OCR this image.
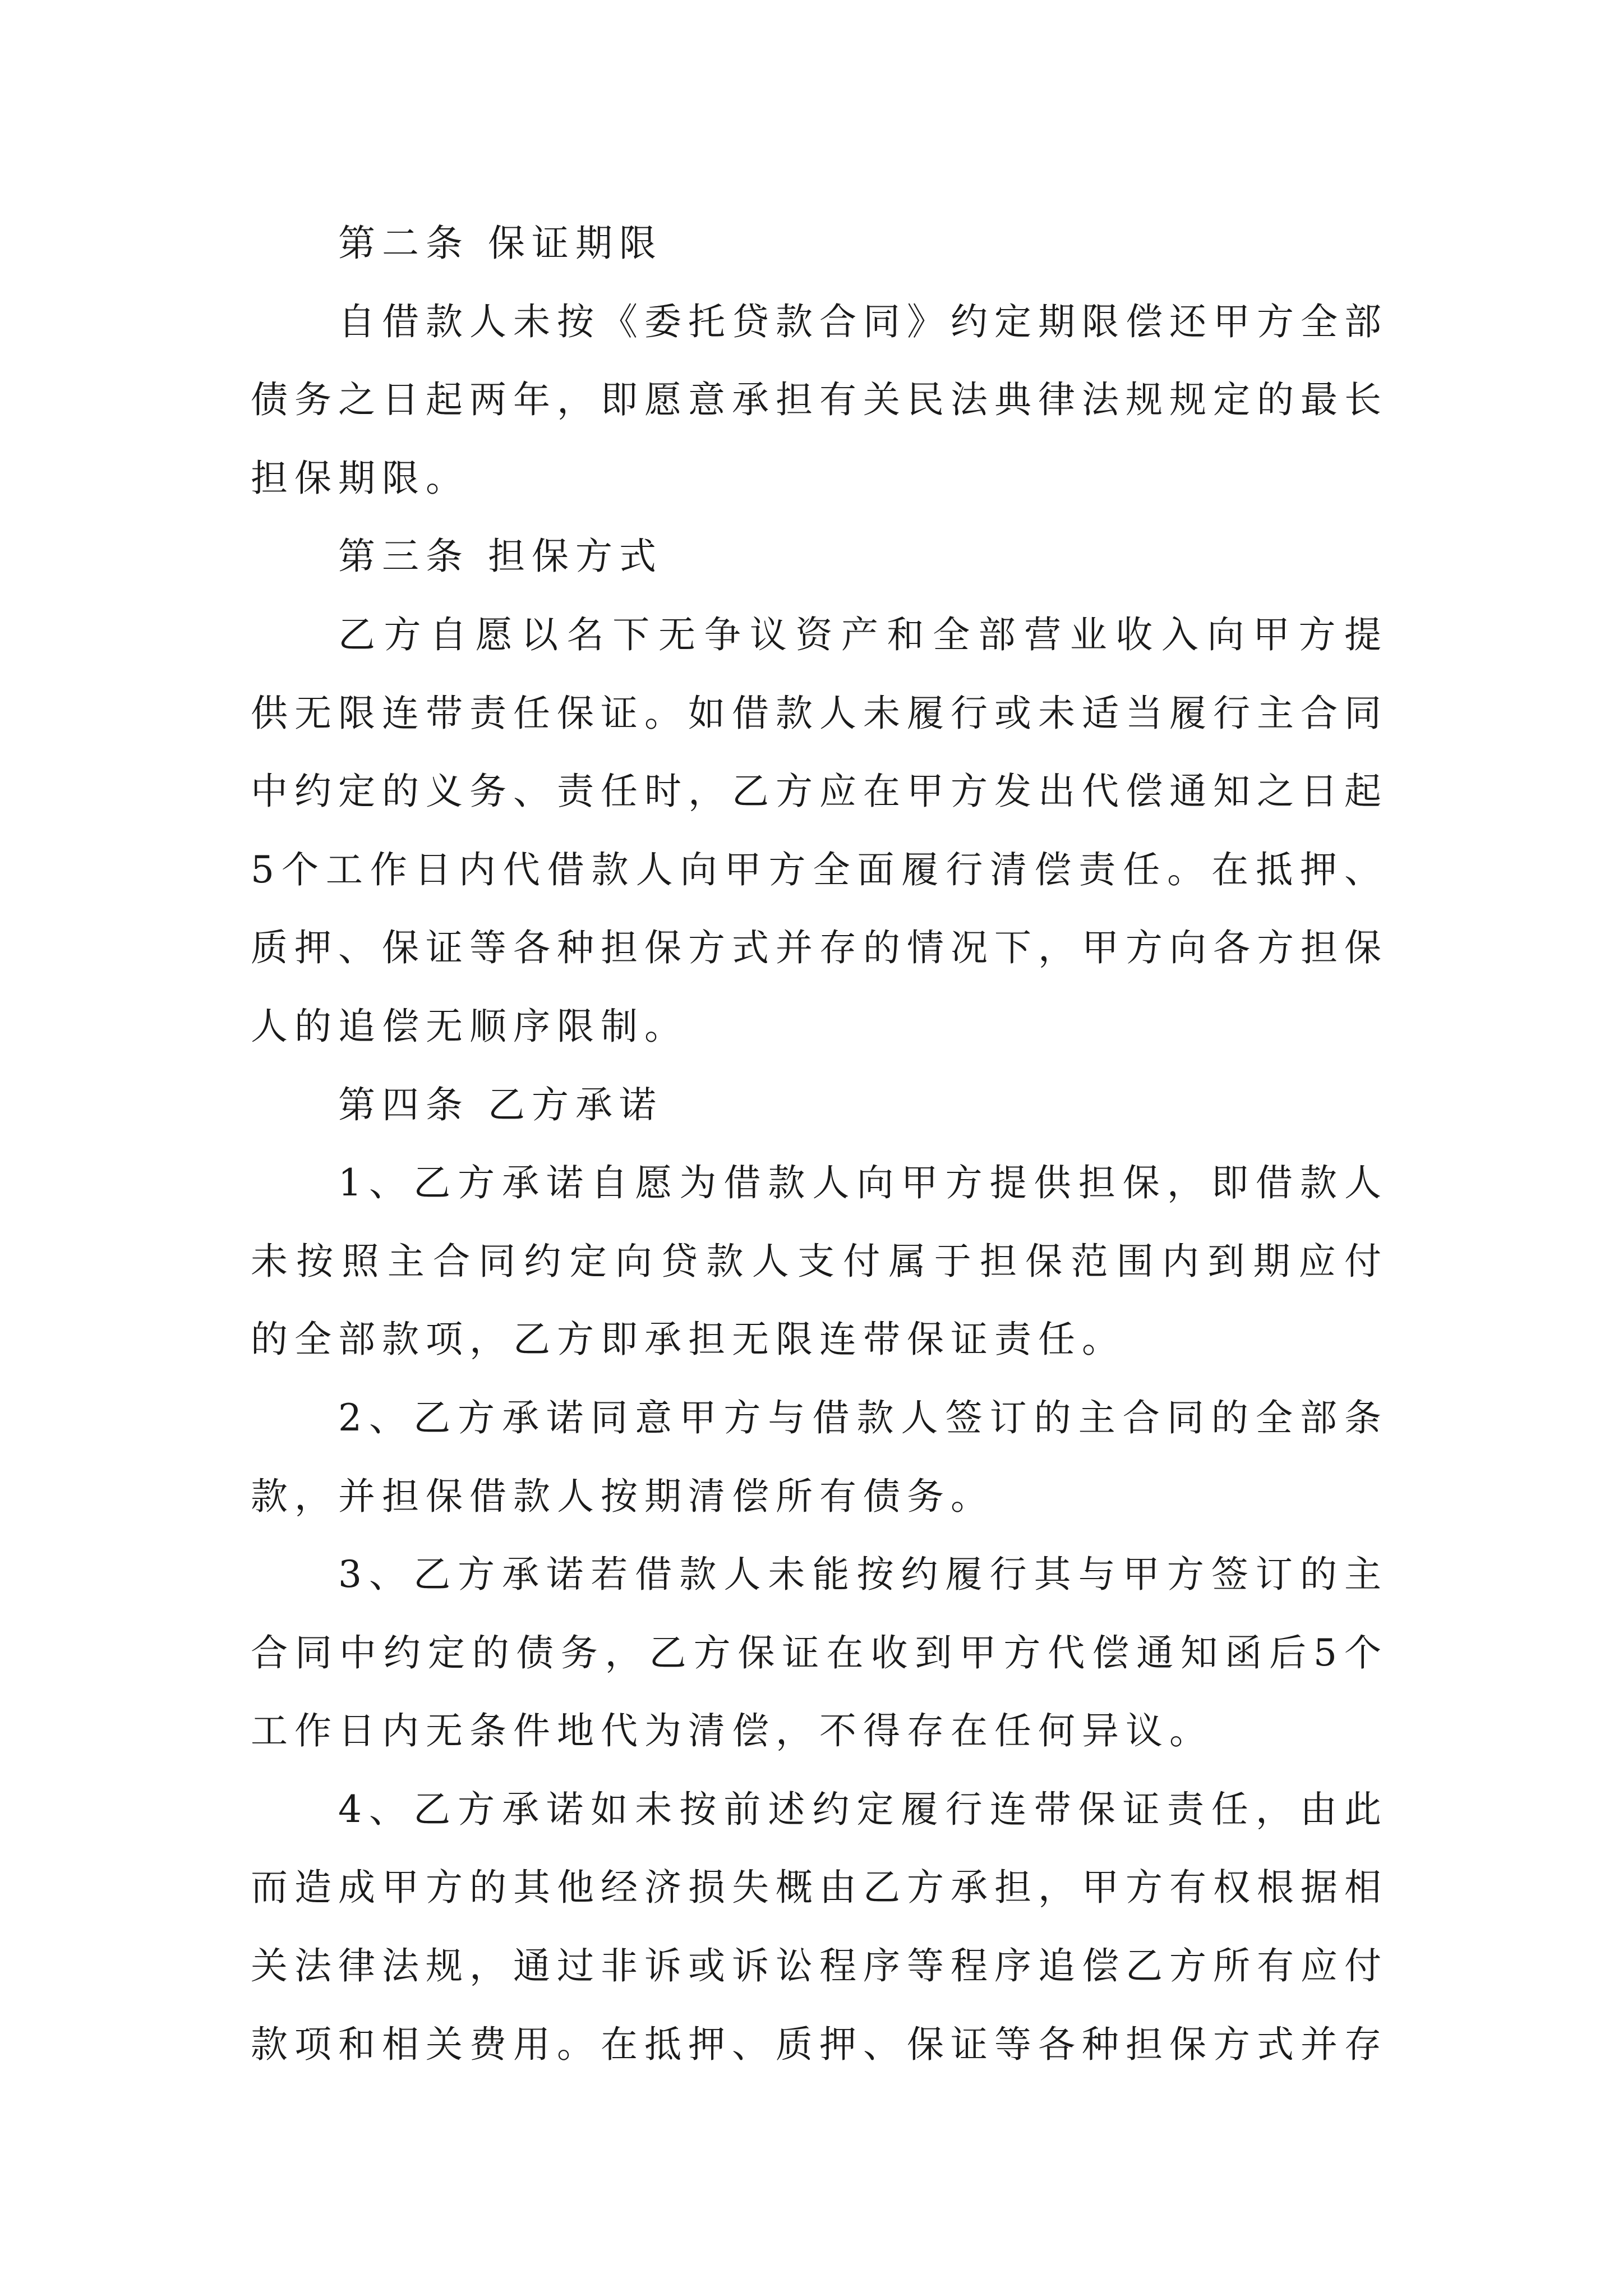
第二条 保证期限
自借款人未按《委托贷款合同》约定期限偿还甲方全部
债务之日起两年，即愿意承担有关民法典律法规规定的最长
担保期限。
第三条 担保方式
乙方自愿以名下无争议资产和全部营业收入向甲方提
供无限连带责任保证。如借款人未履行或未适当履行主合同
中约定的义务、责任时，乙方应在甲方发出代偿通知之日起
5个工作日内代借款人向甲方全面履行清偿责任。在抵押、
质押、保证等各种担保方式并存的情况下，甲方向各方担保
人的追偿无顺序限制。
第四条 乙方承诺
1、乙方承诺自愿为借款人向甲方提供担保，即借款人
未按照主合同约定向贷款人支付属于担保范围内到期应付
的全部款项，乙方即承担无限连带保证责任。
2、乙方承诺同意甲方与借款人签订的主合同的全部条
款，并担保借款人按期清偿所有债务。
3、乙方承诺若借款人未能按约履行其与甲方签订的主
合同中约定的债务，乙方保证在收到甲方代偿通知函后5个
工作日内无条件地代为清偿，不得存在任何异议。
4、乙方承诺如未按前述约定履行连带保证责任，由此
而造成甲方的其他经济损失概由乙方承担，甲方有权根据相
关法律法规，通过非诉或诉讼程序等程序追偿乙方所有应付
款项和相关费用。在抵押、质押、保证等各种担保方式并存
